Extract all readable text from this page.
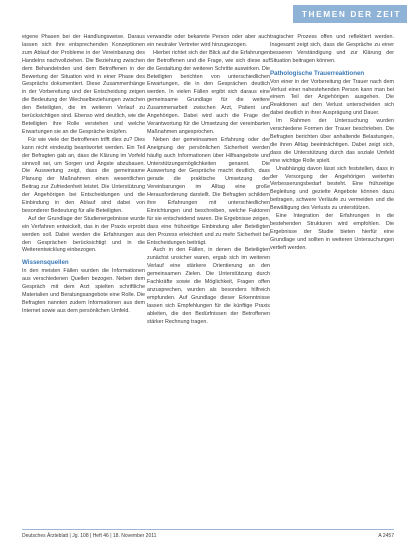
THEMEN DER ZEIT

eigene Phasen bei der Handlungsweise. Daraus lassen sich ihre entsprechenden Konzeptionen zum Ablauf der Probleme in der Vereinbarung des Handelns nachvollziehen. Die Beziehung zwischen dem Behandelnden und dem Betroffenen in der Bewertung der Situation wird in einer Phase des Gesprächs dokumentiert. Diese Zusammenhänge in der Vorbereitung und der Entscheidung zeigen die Bedeutung der Wechselbeziehungen zwischen den Beteiligten, die im weiteren Verlauf zu berücksichtigen sind. Ebenso wird deutlich, wie die Beteiligten ihre Rolle verstehen und welche Erwartungen sie an die Gespräche knüpfen.

Für wie viele der Betroffenen trifft dies zu? Dies kann nicht eindeutig beantwortet werden. Ein Teil der Befragten gab an, dass die Klärung im Vorfeld sinnvoll sei, um Sorgen und Ängste abzubauen. Die Auswertung zeigt, dass die gemeinsame Planung der Maßnahmen einen wesentlichen Beitrag zur Zufriedenheit leistet. Die Unterstützung der Angehörigen bei Entscheidungen und die Einbindung in den Ablauf sind dabei von besonderer Bedeutung für alle Beteiligten.

Auf der Grundlage der Studienergebnisse wurde ein Verfahren entwickelt, das in der Praxis erprobt werden soll. Dabei werden die Erfahrungen aus den Gesprächen berücksichtigt und in die Weiterentwicklung einbezogen.

Wissensquellen

In den meisten Fällen wurden die Informationen aus verschiedenen Quellen bezogen. Neben dem Gespräch mit dem Arzt spielten schriftliche Materialien und Beratungsangebote eine Rolle. Die Befragten nannten zudem Informationen aus dem Internet sowie aus dem persönlichen Umfeld.

verwandte oder bekannte Person oder aber auch ein neutraler Vertreter wird hinzugezogen.

Hierbei richtet sich der Blick auf die Erfahrungen der Betroffenen und die Frage, wie sich diese auf die Gestaltung der weiteren Schritte auswirken. Die Beteiligten berichten von unterschiedlichen Erwartungen, die in den Gesprächen deutlich werden. In vielen Fällen ergibt sich daraus eine gemeinsame Grundlage für die weitere Zusammenarbeit zwischen Arzt, Patient und Angehörigen. Dabei wird auch die Frage der Verantwortung für die Umsetzung der vereinbarten Maßnahmen angesprochen.

Neben der gemeinsamen Erfahrung oder der Aneignung der persönlichen Sicherheit werden häufig auch Informationen über Hilfsangebote und Unterstützungsmöglichkeiten genannt. Die Auswertung der Gespräche macht deutlich, dass gerade die praktische Umsetzung der Vereinbarungen im Alltag eine große Herausforderung darstellt. Die Befragten schildern ihre Erfahrungen mit unterschiedlichen Einrichtungen und beschreiben, welche Faktoren für sie entscheidend waren. Die Ergebnisse zeigen, dass eine frühzeitige Einbindung aller Beteiligten den Prozess erleichtert und zu mehr Sicherheit bei Entscheidungen beiträgt.

Auch in den Fällen, in denen die Beteiligten zunächst unsicher waren, ergab sich im weiteren Verlauf eine stärkere Orientierung an den gemeinsamen Zielen. Die Unterstützung durch Fachkräfte sowie die Möglichkeit, Fragen offen anzusprechen, wurden als besonders hilfreich empfunden. Auf Grundlage dieser Erkenntnisse lassen sich Empfehlungen für die künftige Praxis ableiten, die den Bedürfnissen der Betroffenen stärker Rechnung tragen.

tragischer Prozess offen und reflektiert werden. Insgesamt zeigt sich, dass die Gespräche zu einer besseren Verständigung und zur Klärung der Situation beitragen können.

Pathologische Trauerreaktionen

Von einer in der Vorbereitung der Trauer nach dem Verlust einer nahestehenden Person kann man bei einem Teil der Angehörigen ausgehen. Die Reaktionen auf den Verlust unterscheiden sich dabei deutlich in ihrer Ausprägung und Dauer.

Im Rahmen der Untersuchung wurden verschiedene Formen der Trauer beschrieben. Die Befragten berichten über anhaltende Belastungen, die ihren Alltag beeinträchtigen. Dabei zeigt sich, dass die Unterstützung durch das soziale Umfeld eine wichtige Rolle spielt.

Unabhängig davon lässt sich feststellen, dass in der Versorgung der Angehörigen weiterhin Verbesserungsbedarf besteht. Eine frühzeitige Begleitung und gezielte Angebote können dazu beitragen, schwere Verläufe zu vermeiden und die Bewältigung des Verlusts zu unterstützen.

Eine Integration der Erfahrungen in die bestehenden Strukturen wird empfohlen. Die Ergebnisse der Studie bieten hierfür eine Grundlage und sollten in weiteren Untersuchungen vertieft werden.

Deutsches Ärzteblatt | Jg. 108 | Heft 46 | 18. November 2011	A 2457
